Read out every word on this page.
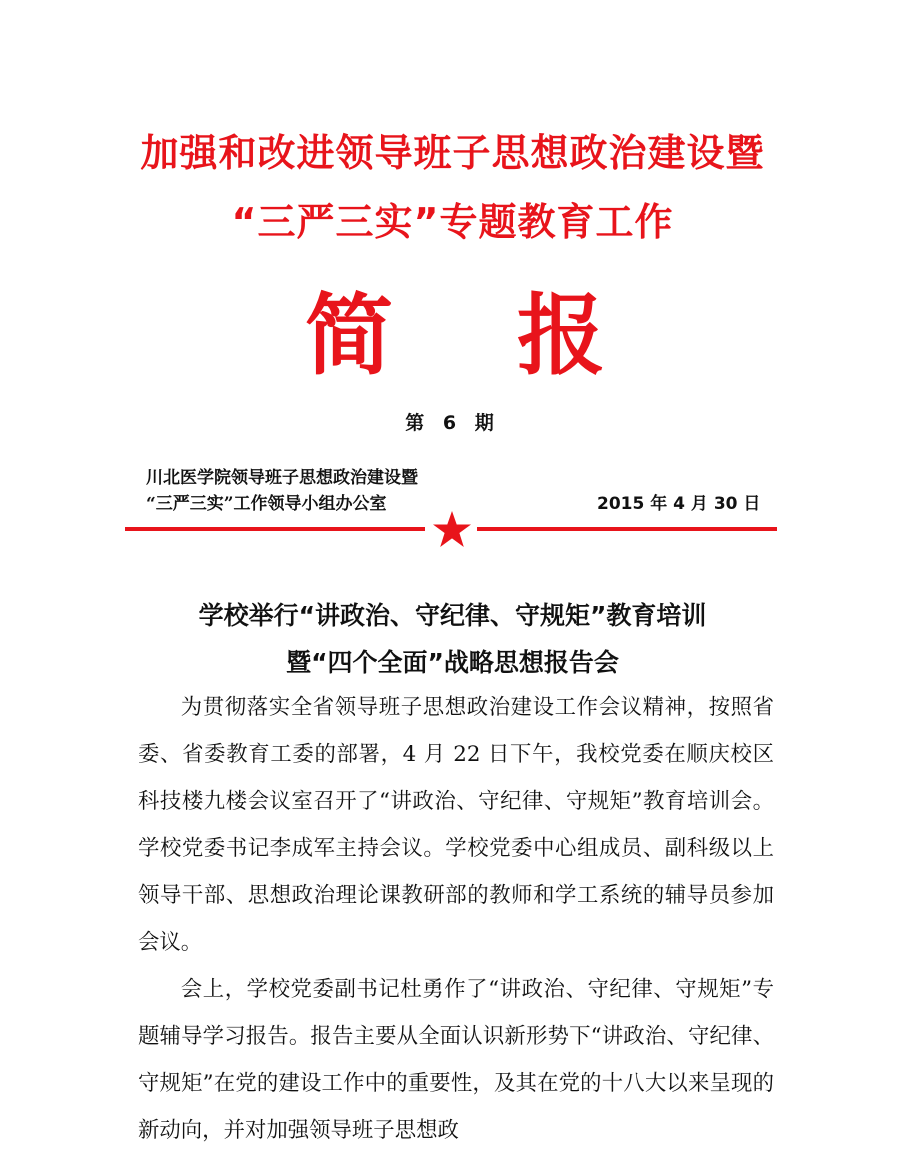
加强和改进领导班子思想政治建设暨
“三严三实”专题教育工作
简 报
第 6 期
川北医学院领导班子思想政治建设暨
“三严三实”工作领导小组办公室	2015 年 4 月 30 日
学校举行“讲政治、守纪律、守规矩”教育培训
暨“四个全面”战略思想报告会

为贯彻落实全省领导班子思想政治建设工作会议精神，按照省委、省委教育工委的部署，4 月 22 日下午，我校党委在顺庆校区科技楼九楼会议室召开了“讲政治、守纪律、守规矩”教育培训会。学校党委书记李成军主持会议。学校党委中心组成员、副科级以上领导干部、思想政治理论课教研部的教师和学工系统的辅导员参加会议。

会上，学校党委副书记杜勇作了“讲政治、守纪律、守规矩”专题辅导学习报告。报告主要从全面认识新形势下“讲政治、守纪律、守规矩”在党的建设工作中的重要性，及其在党的十八大以来呈现的新动向，并对加强领导班子思想政
